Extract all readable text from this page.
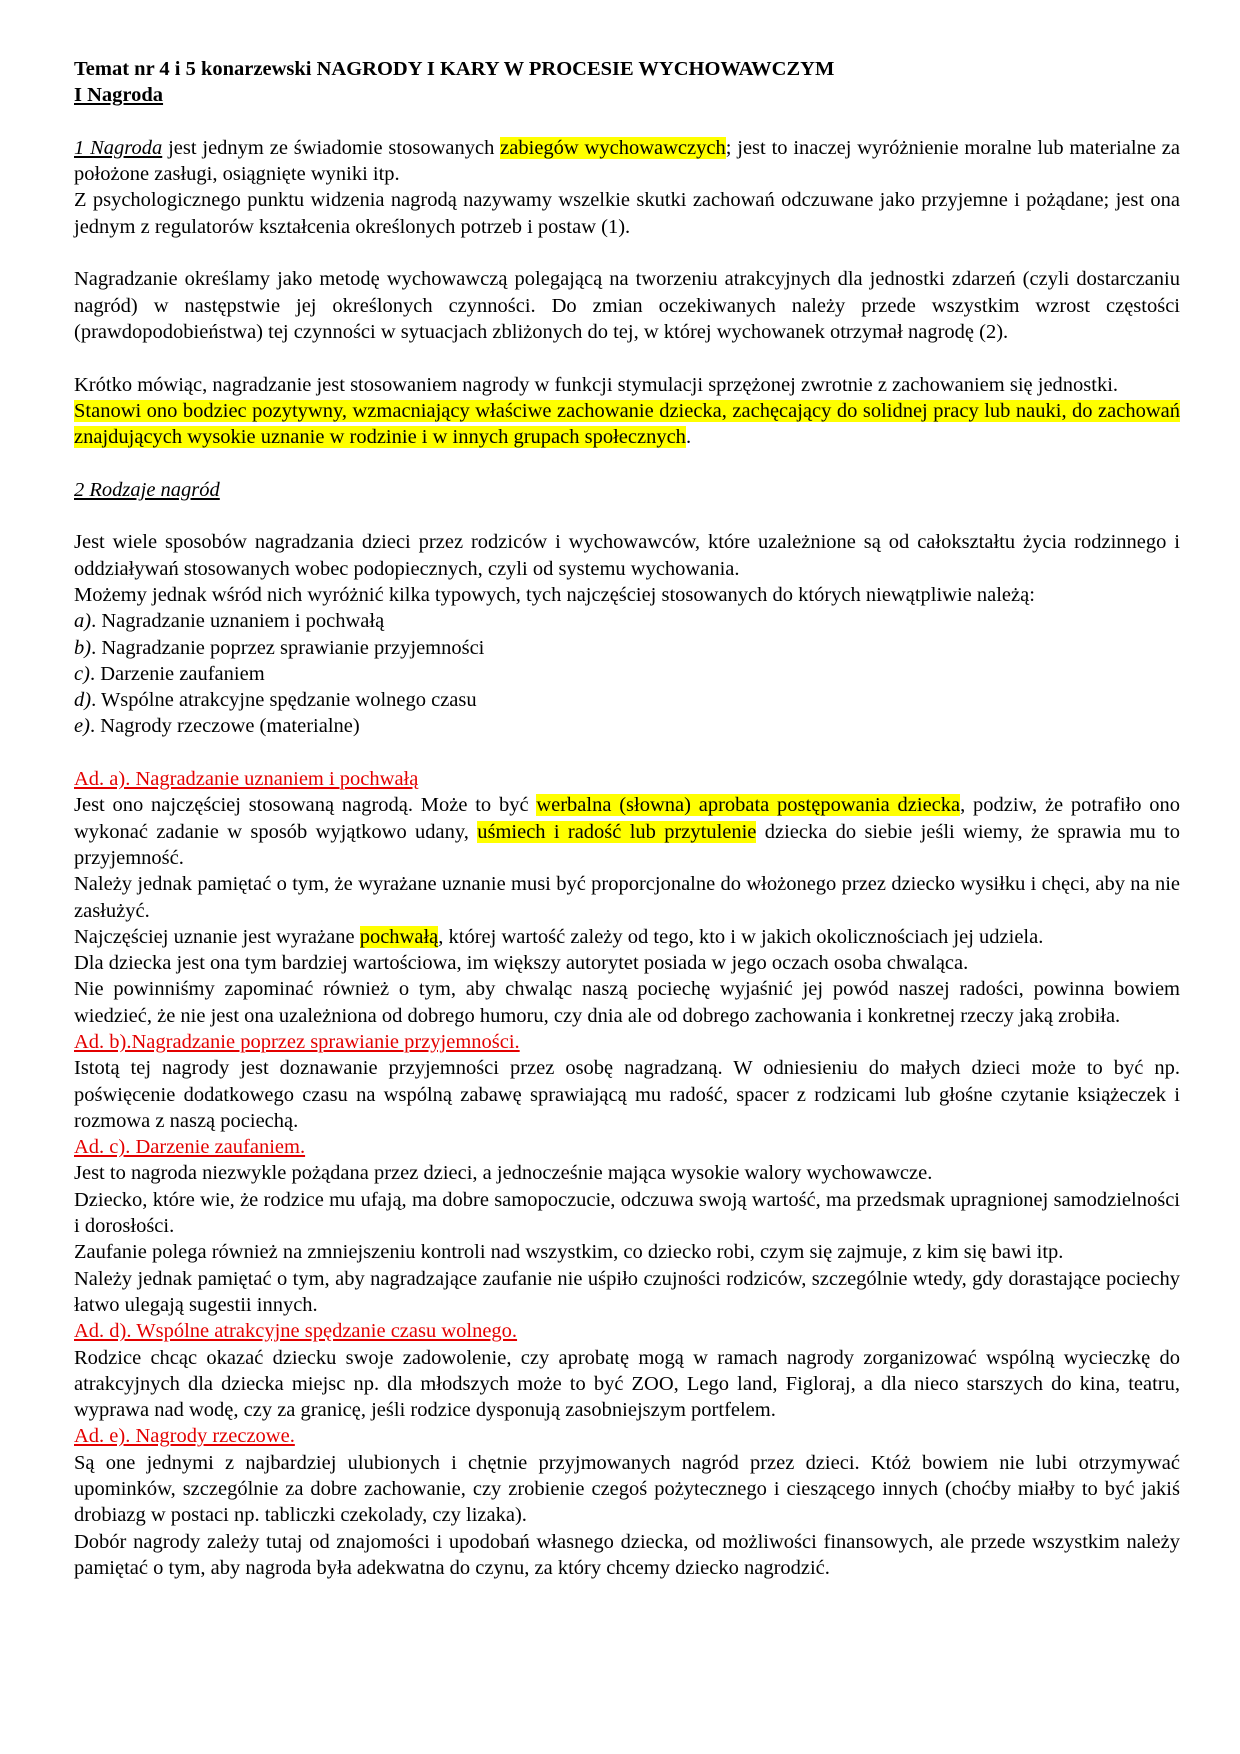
Temat nr 4 i 5 konarzewski NAGRODY I KARY W PROCESIE WYCHOWAWCZYM

I Nagroda

1 Nagroda jest jednym ze świadomie stosowanych zabiegów wychowawczych; jest to inaczej wyróżnienie moralne lub materialne za położone zasługi, osiągnięte wyniki itp.

Z psychologicznego punktu widzenia nagrodą nazywamy wszelkie skutki zachowań odczuwane jako przyjemne i pożądane; jest ona jednym z regulatorów kształcenia określonych potrzeb i postaw (1).

Nagradzanie określamy jako metodę wychowawczą polegającą na tworzeniu atrakcyjnych dla jednostki zdarzeń (czyli dostarczaniu nagród) w następstwie jej określonych czynności. Do zmian oczekiwanych należy przede wszystkim wzrost częstości (prawdopodobieństwa) tej czynności w sytuacjach zbliżonych do tej, w której wychowanek otrzymał nagrodę (2).

Krótko mówiąc, nagradzanie jest stosowaniem nagrody w funkcji stymulacji sprzężonej zwrotnie z zachowaniem się jednostki.

Stanowi ono bodziec pozytywny, wzmacniający właściwe zachowanie dziecka, zachęcający do solidnej pracy lub nauki, do zachowań znajdujących wysokie uznanie w rodzinie i w innych grupach społecznych.

2 Rodzaje nagród

Jest wiele sposobów nagradzania dzieci przez rodziców i wychowawców, które uzależnione są od całokształtu życia rodzinnego i oddziaływań stosowanych wobec podopiecznych, czyli od systemu wychowania.

Możemy jednak wśród nich wyróżnić kilka typowych, tych najczęściej stosowanych do których niewątpliwie należą:

a). Nagradzanie uznaniem i pochwałą

b). Nagradzanie poprzez sprawianie przyjemności

c). Darzenie zaufaniem

d). Wspólne atrakcyjne spędzanie wolnego czasu

e). Nagrody rzeczowe (materialne)

Ad. a). Nagradzanie uznaniem i pochwałą

Jest ono najczęściej stosowaną nagrodą. Może to być werbalna (słowna) aprobata postępowania dziecka, podziw, że potrafiło ono wykonać zadanie w sposób wyjątkowo udany, uśmiech i radość lub przytulenie dziecka do siebie jeśli wiemy, że sprawia mu to przyjemność.

Należy jednak pamiętać o tym, że wyrażane uznanie musi być proporcjonalne do włożonego przez dziecko wysiłku i chęci, aby na nie zasłużyć.

Najczęściej uznanie jest wyrażane pochwałą, której wartość zależy od tego, kto i w jakich okolicznościach jej udziela.

Dla dziecka jest ona tym bardziej wartościowa, im większy autorytet posiada w jego oczach osoba chwaląca.

Nie powinniśmy zapominać również o tym, aby chwaląc naszą pociechę wyjaśnić jej powód naszej radości, powinna bowiem wiedzieć, że nie jest ona uzależniona od dobrego humoru, czy dnia ale od dobrego zachowania i konkretnej rzeczy jaką zrobiła.

Ad. b).Nagradzanie poprzez sprawianie przyjemności.

Istotą tej nagrody jest doznawanie przyjemności przez osobę nagradzaną. W odniesieniu do małych dzieci może to być np. poświęcenie dodatkowego czasu na wspólną zabawę sprawiającą mu radość, spacer z rodzicami lub głośne czytanie książeczek i rozmowa z naszą pociechą.

Ad. c). Darzenie zaufaniem.

Jest to nagroda niezwykle pożądana przez dzieci, a jednocześnie mająca wysokie walory wychowawcze.

Dziecko, które wie, że rodzice mu ufają, ma dobre samopoczucie, odczuwa swoją wartość, ma przedsmak upragnionej samodzielności i dorosłości.

Zaufanie polega również na zmniejszeniu kontroli nad wszystkim, co dziecko robi, czym się zajmuje, z kim się bawi itp.

Należy jednak pamiętać o tym, aby nagradzające zaufanie nie uśpiło czujności rodziców, szczególnie wtedy, gdy dorastające pociechy łatwo ulegają sugestii innych.

Ad. d). Wspólne atrakcyjne spędzanie czasu wolnego.

Rodzice chcąc okazać dziecku swoje zadowolenie, czy aprobatę mogą w ramach nagrody zorganizować wspólną wycieczkę do atrakcyjnych dla dziecka miejsc np. dla młodszych może to być ZOO, Lego land, Figloraj, a dla nieco starszych do kina, teatru, wyprawa nad wodę, czy za granicę, jeśli rodzice dysponują zasobniejszym portfelem.

Ad. e). Nagrody rzeczowe.

Są one jednymi z najbardziej ulubionych i chętnie przyjmowanych nagród przez dzieci. Któż bowiem nie lubi otrzymywać upominków, szczególnie za dobre zachowanie, czy zrobienie czegoś pożytecznego i cieszącego innych (choćby miałby to być jakiś drobiazg w postaci np. tabliczki czekolady, czy lizaka).

Dobór nagrody zależy tutaj od znajomości i upodobań własnego dziecka, od możliwości finansowych, ale przede wszystkim należy pamiętać o tym, aby nagroda była adekwatna do czynu, za który chcemy dziecko nagrodzić.
